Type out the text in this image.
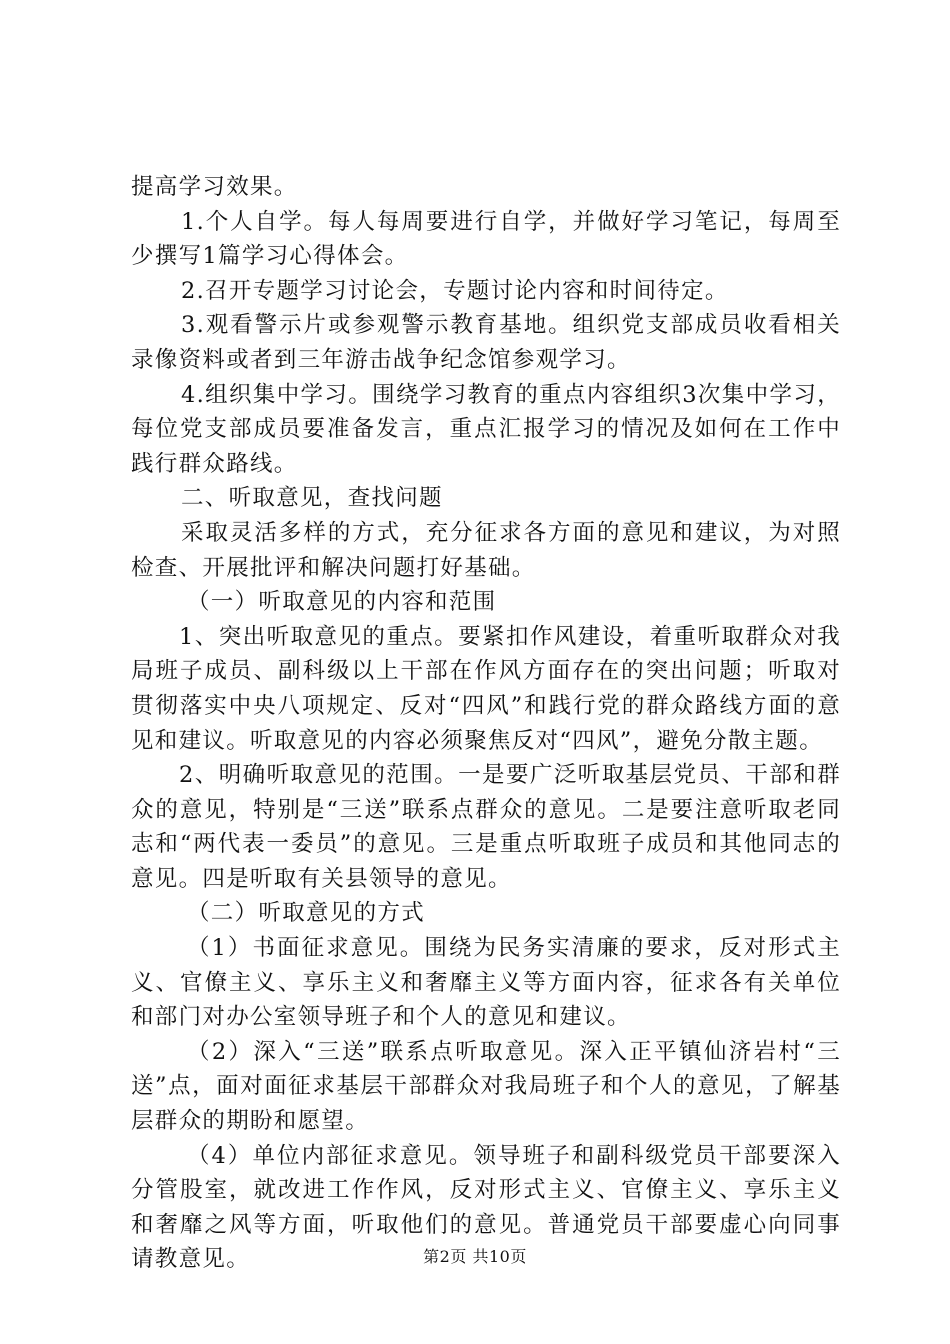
提高学习效果。

1.个人自学。每人每周要进行自学，并做好学习笔记，每周至少撰写1篇学习心得体会。

2.召开专题学习讨论会，专题讨论内容和时间待定。

3.观看警示片或参观警示教育基地。组织党支部成员收看相关录像资料或者到三年游击战争纪念馆参观学习。

4.组织集中学习。围绕学习教育的重点内容组织3次集中学习，每位党支部成员要准备发言，重点汇报学习的情况及如何在工作中践行群众路线。

二、听取意见，查找问题

采取灵活多样的方式，充分征求各方面的意见和建议，为对照检查、开展批评和解决问题打好基础。

（一）听取意见的内容和范围

1、突出听取意见的重点。要紧扣作风建设，着重听取群众对我局班子成员、副科级以上干部在作风方面存在的突出问题；听取对贯彻落实中央八项规定、反对“四风”和践行党的群众路线方面的意见和建议。听取意见的内容必须聚焦反对“四风”，避免分散主题。

2、明确听取意见的范围。一是要广泛听取基层党员、干部和群众的意见，特别是“三送”联系点群众的意见。二是要注意听取老同志和“两代表一委员”的意见。三是重点听取班子成员和其他同志的意见。四是听取有关县领导的意见。

（二）听取意见的方式

（1）书面征求意见。围绕为民务实清廉的要求，反对形式主义、官僚主义、享乐主义和奢靡主义等方面内容，征求各有关单位和部门对办公室领导班子和个人的意见和建议。

（2）深入“三送”联系点听取意见。深入正平镇仙济岩村“三送”点，面对面征求基层干部群众对我局班子和个人的意见，了解基层群众的期盼和愿望。

（4）单位内部征求意见。领导班子和副科级党员干部要深入分管股室，就改进工作作风，反对形式主义、官僚主义、享乐主义和奢靡之风等方面，听取他们的意见。普通党员干部要虚心向同事请教意见。	第2页 共10页
